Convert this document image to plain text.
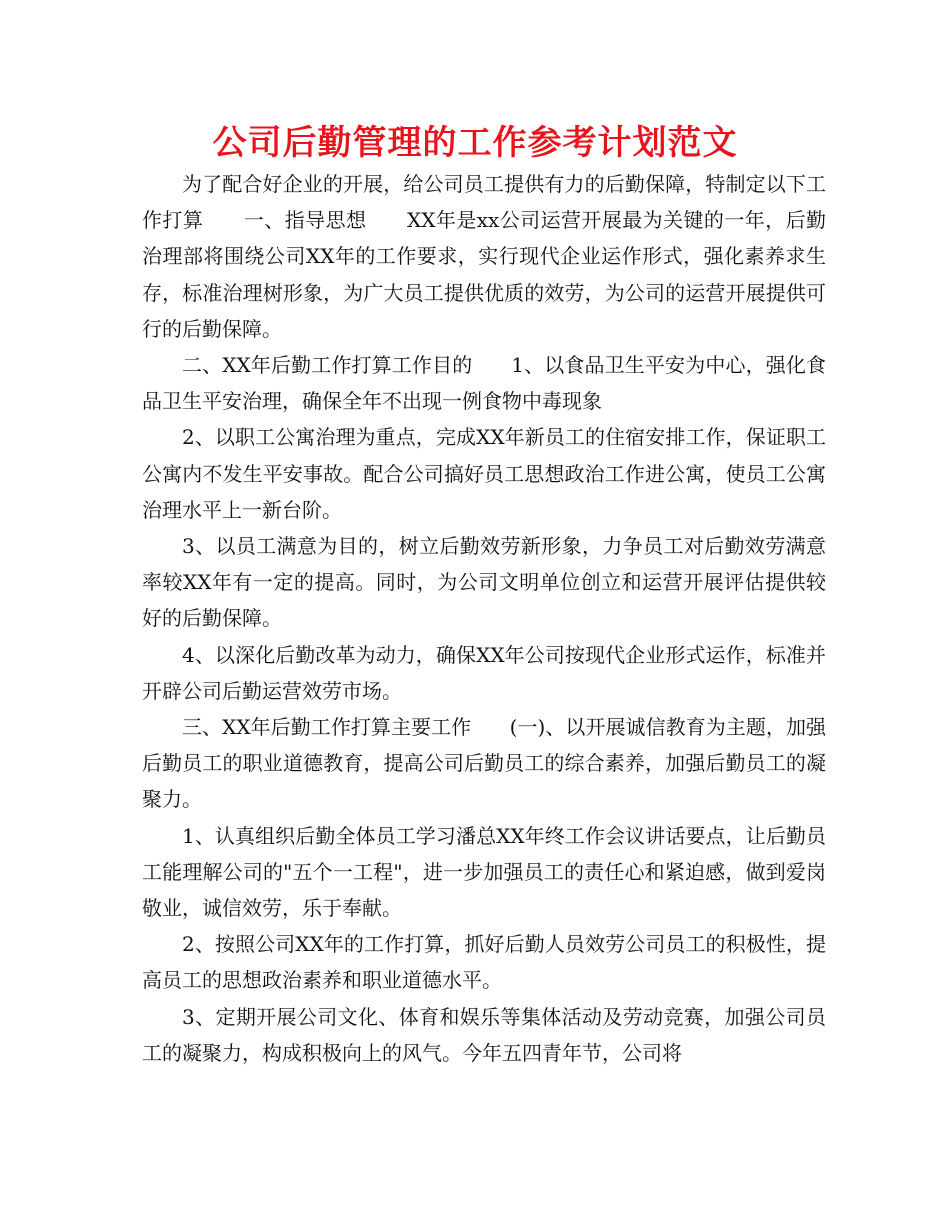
公司后勤管理的工作参考计划范文

为了配合好企业的开展，给公司员工提供有力的后勤保障，特制定以下工作打算      一、指导思想      XX年是xx公司运营开展最为关键的一年，后勤治理部将围绕公司XX年的工作要求，实行现代企业运作形式，强化素养求生存，标准治理树形象，为广大员工提供优质的效劳，为公司的运营开展提供可行的后勤保障。

二、XX年后勤工作打算工作目的      1、以食品卫生平安为中心，强化食品卫生平安治理，确保全年不出现一例食物中毒现象

2、以职工公寓治理为重点，完成XX年新员工的住宿安排工作，保证职工公寓内不发生平安事故。配合公司搞好员工思想政治工作进公寓，使员工公寓治理水平上一新台阶。

3、以员工满意为目的，树立后勤效劳新形象，力争员工对后勤效劳满意率较XX年有一定的提高。同时，为公司文明单位创立和运营开展评估提供较好的后勤保障。

4、以深化后勤改革为动力，确保XX年公司按现代企业形式运作，标准并开辟公司后勤运营效劳市场。

三、XX年后勤工作打算主要工作      (一)、以开展诚信教育为主题，加强后勤员工的职业道德教育，提高公司后勤员工的综合素养，加强后勤员工的凝聚力。

1、认真组织后勤全体员工学习潘总XX年终工作会议讲话要点，让后勤员工能理解公司的"五个一工程"，进一步加强员工的责任心和紧迫感，做到爱岗敬业，诚信效劳，乐于奉献。

2、按照公司XX年的工作打算，抓好后勤人员效劳公司员工的积极性，提高员工的思想政治素养和职业道德水平。

3、定期开展公司文化、体育和娱乐等集体活动及劳动竞赛，加强公司员工的凝聚力，构成积极向上的风气。今年五四青年节，公司将
